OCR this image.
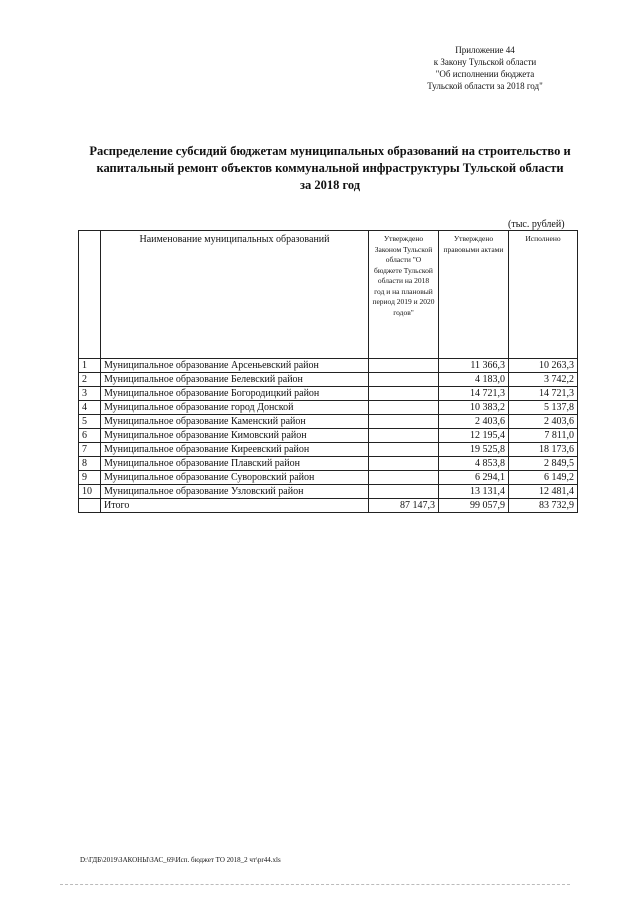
Приложение 44
к Закону Тульской области
"Об исполнении бюджета
Тульской области за 2018 год"
Распределение субсидий бюджетам муниципальных образований на строительство и
капитальный ремонт объектов коммунальной инфраструктуры Тульской области
за 2018 год
(тыс. рублей)
	Наименование муниципальных образований	Утверждено Законом Тульской области "О бюджете Тульской области на 2018 год и на плановый период 2019 и 2020 годов"	Утверждено правовыми актами	Исполнено
1	Муниципальное образование Арсеньевский район		11 366,3	10 263,3
2	Муниципальное образование Белевский район		4 183,0	3 742,2
3	Муниципальное образование Богородицкий район		14 721,3	14 721,3
4	Муниципальное образование город Донской		10 383,2	5 137,8
5	Муниципальное образование Каменский район		2 403,6	2 403,6
6	Муниципальное образование Кимовский район		12 195,4	7 811,0
7	Муниципальное образование Киреевский район		19 525,8	18 173,6
8	Муниципальное образование Плавский район		4 853,8	2 849,5
9	Муниципальное образование Суворовский район		6 294,1	6 149,2
10	Муниципальное образование Узловский район		13 131,4	12 481,4
	Итого	87 147,3	99 057,9	83 732,9
D:\ГДБ\2019\ЗАКОНЫ\ЗАС_69\Исп. бюджет ТО 2018_2 чт\pr44.xls
